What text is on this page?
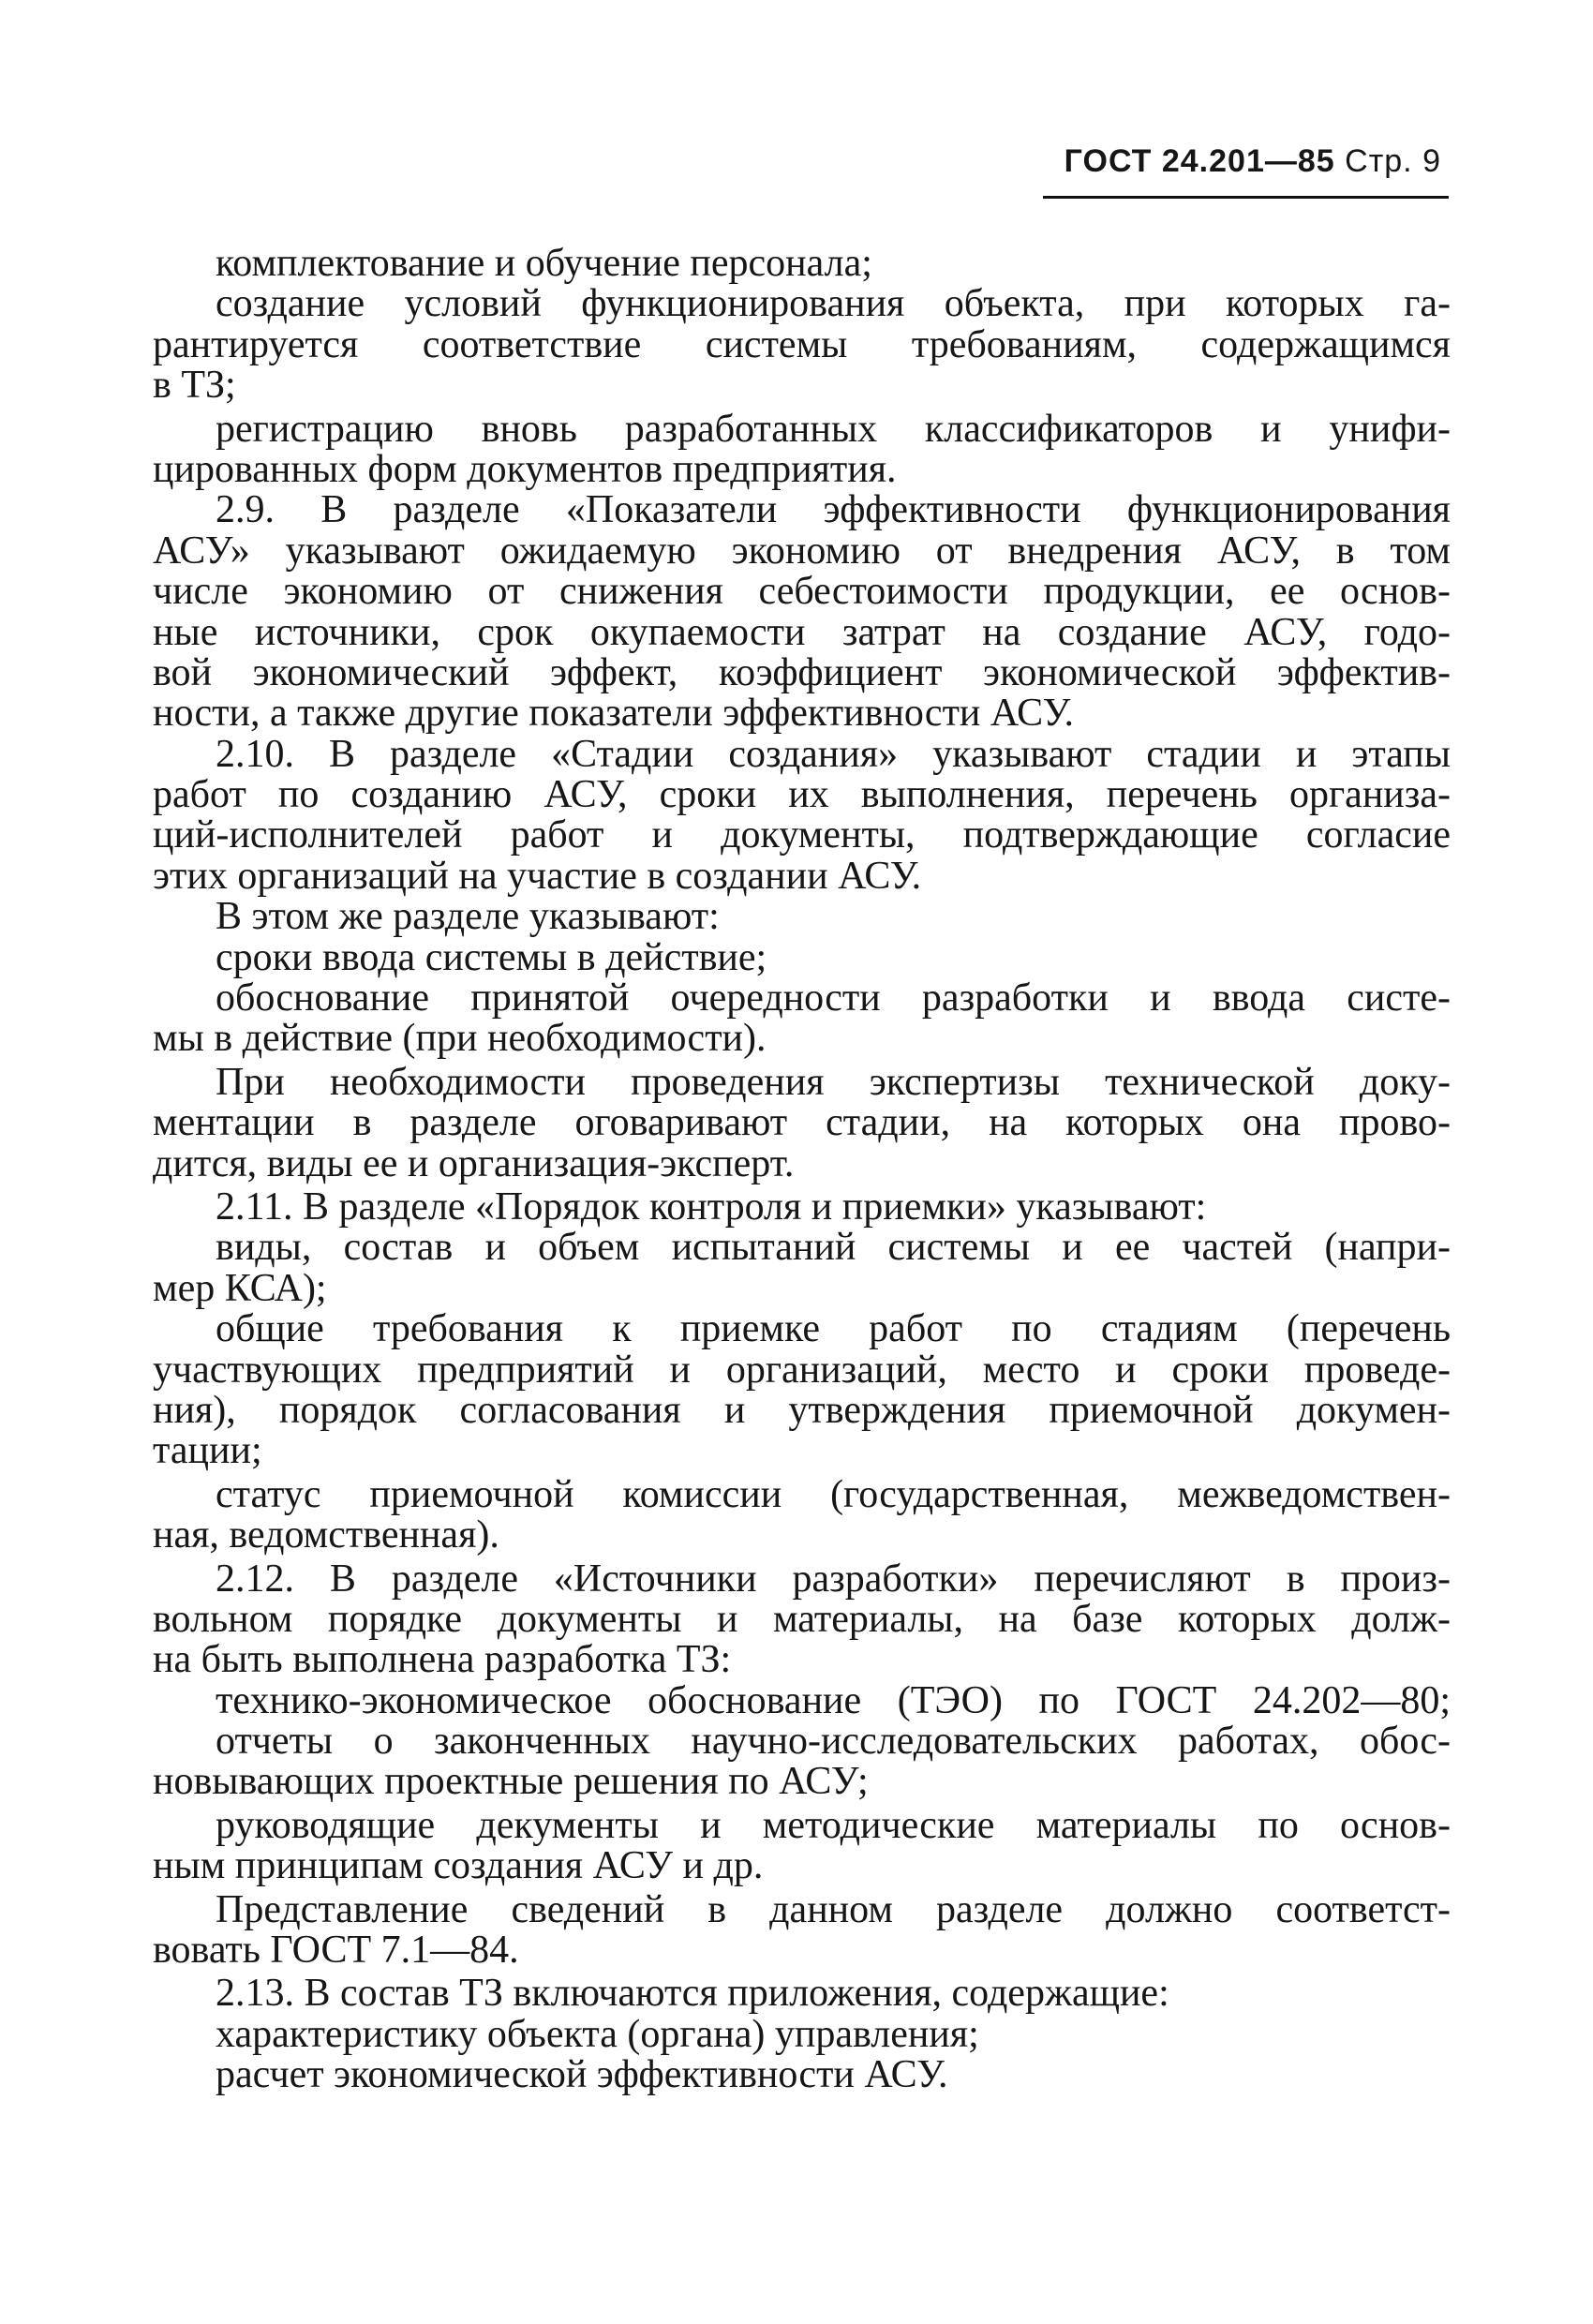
ГОСТ 24.201—85 Стр. 9
комплектование и обучение персонала;
создание условий функционирования объекта, при которых га-
рантируется соответствие системы требованиям, содержащимся
в ТЗ;
регистрацию вновь разработанных классификаторов и унифи-
цированных форм документов предприятия.
2.9. В разделе «Показатели эффективности функционирования
АСУ» указывают ожидаемую экономию от внедрения АСУ, в том
числе экономию от снижения себестоимости продукции, ее основ-
ные источники, срок окупаемости затрат на создание АСУ, годо-
вой экономический эффект, коэффициент экономической эффектив-
ности, а также другие показатели эффективности АСУ.
2.10. В разделе «Стадии создания» указывают стадии и этапы
работ по созданию АСУ, сроки их выполнения, перечень организа-
ций-исполнителей работ и документы, подтверждающие согласие
этих организаций на участие в создании АСУ.
В этом же разделе указывают:
сроки ввода системы в действие;
обоснование принятой очередности разработки и ввода систе-
мы в действие (при необходимости).
При необходимости проведения экспертизы технической доку-
ментации в разделе оговаривают стадии, на которых она прово-
дится, виды ее и организация-эксперт.
2.11. В разделе «Порядок контроля и приемки» указывают:
виды, состав и объем испытаний системы и ее частей (напри-
мер КСА);
общие требования к приемке работ по стадиям (перечень
участвующих предприятий и организаций, место и сроки проведе-
ния), порядок согласования и утверждения приемочной докумен-
тации;
статус приемочной комиссии (государственная, межведомствен-
ная, ведомственная).
2.12. В разделе «Источники разработки» перечисляют в произ-
вольном порядке документы и материалы, на базе которых долж-
на быть выполнена разработка ТЗ:
технико-экономическое обоснование (ТЭО) по ГОСТ 24.202—80;
отчеты о законченных научно-исследовательских работах, обос-
новывающих проектные решения по АСУ;
руководящие декументы и методические материалы по основ-
ным принципам создания АСУ и др.
Представление сведений в данном разделе должно соответст-
вовать ГОСТ 7.1—84.
2.13. В состав ТЗ включаются приложения, содержащие:
характеристику объекта (органа) управления;
расчет экономической эффективности АСУ.
